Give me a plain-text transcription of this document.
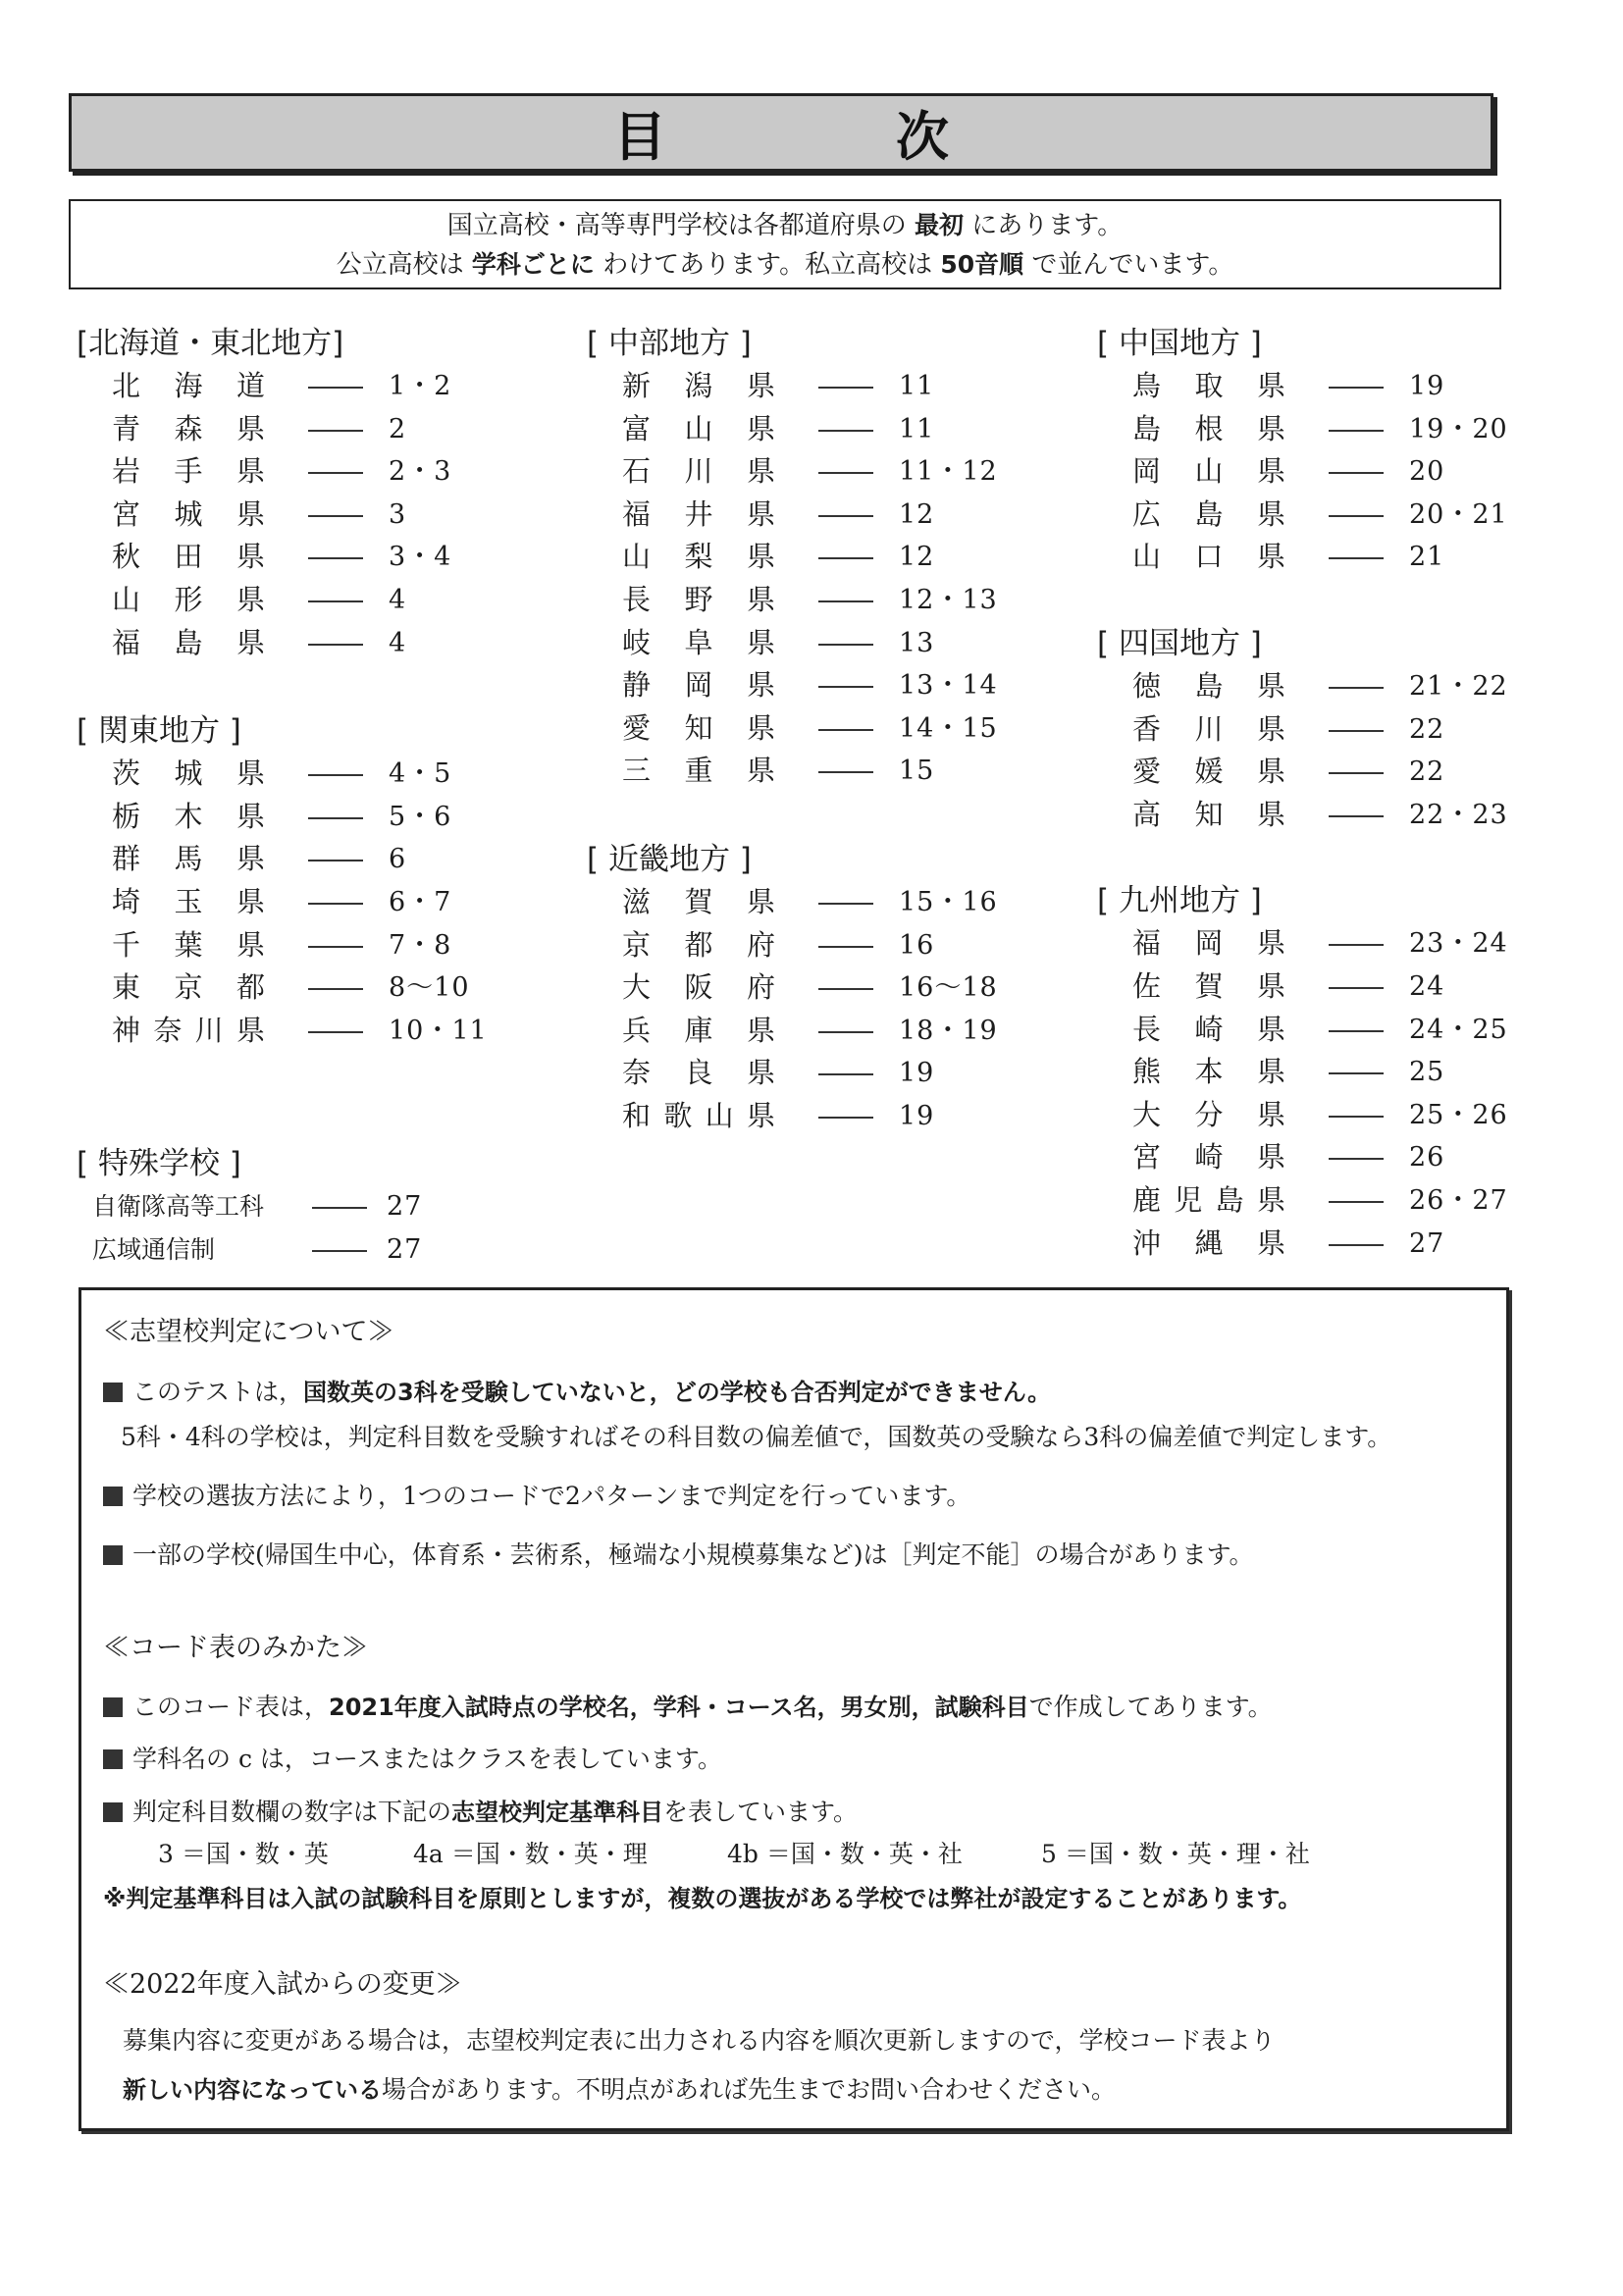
目　次
国立高校・高等専門学校は各都道府県の 最初 にあります。
公立高校は 学科ごとに わけてあります。私立高校は 50音順 で並んでいます。
[北海道・東北地方]
北海道	1・2
青森県	2
岩手県	2・3
宮城県	3
秋田県	3・4
山形県	4
福島県	4
[ 関東地方 ]
茨城県	4・5
栃木県	5・6
群馬県	6
埼玉県	6・7
千葉県	7・8
東京都	8～10
神奈川県	10・11
[ 特殊学校 ]
自衛隊高等工科	27
広域通信制	27
[ 中部地方 ]
新潟県	11
富山県	11
石川県	11・12
福井県	12
山梨県	12
長野県	12・13
岐阜県	13
静岡県	13・14
愛知県	14・15
三重県	15
[ 近畿地方 ]
滋賀県	15・16
京都府	16
大阪府	16～18
兵庫県	18・19
奈良県	19
和歌山県	19
[ 中国地方 ]
鳥取県	19
島根県	19・20
岡山県	20
広島県	20・21
山口県	21
[ 四国地方 ]
徳島県	21・22
香川県	22
愛媛県	22
高知県	22・23
[ 九州地方 ]
福岡県	23・24
佐賀県	24
長崎県	24・25
熊本県	25
大分県	25・26
宮崎県	26
鹿児島県	26・27
沖縄県	27
≪志望校判定について≫
このテストは，国数英の3科を受験していないと，どの学校も合否判定ができません。
5科・4科の学校は，判定科目数を受験すればその科目数の偏差値で，国数英の受験なら3科の偏差値で判定します。
学校の選抜方法により，1つのコードで2パターンまで判定を行っています。
一部の学校(帰国生中心，体育系・芸術系，極端な小規模募集など)は［判定不能］の場合があります。
≪コード表のみかた≫
このコード表は，2021年度入試時点の学校名，学科・コース名，男女別，試験科目で作成してあります。
学科名の c は，コースまたはクラスを表しています。
判定科目数欄の数字は下記の志望校判定基準科目を表しています。
3 ＝国・数・英	4a ＝国・数・英・理	4b ＝国・数・英・社	5 ＝国・数・英・理・社
※判定基準科目は入試の試験科目を原則としますが，複数の選抜がある学校では弊社が設定することがあります。
≪2022年度入試からの変更≫
募集内容に変更がある場合は，志望校判定表に出力される内容を順次更新しますので，学校コード表より
新しい内容になっている場合があります。不明点があれば先生までお問い合わせください。
